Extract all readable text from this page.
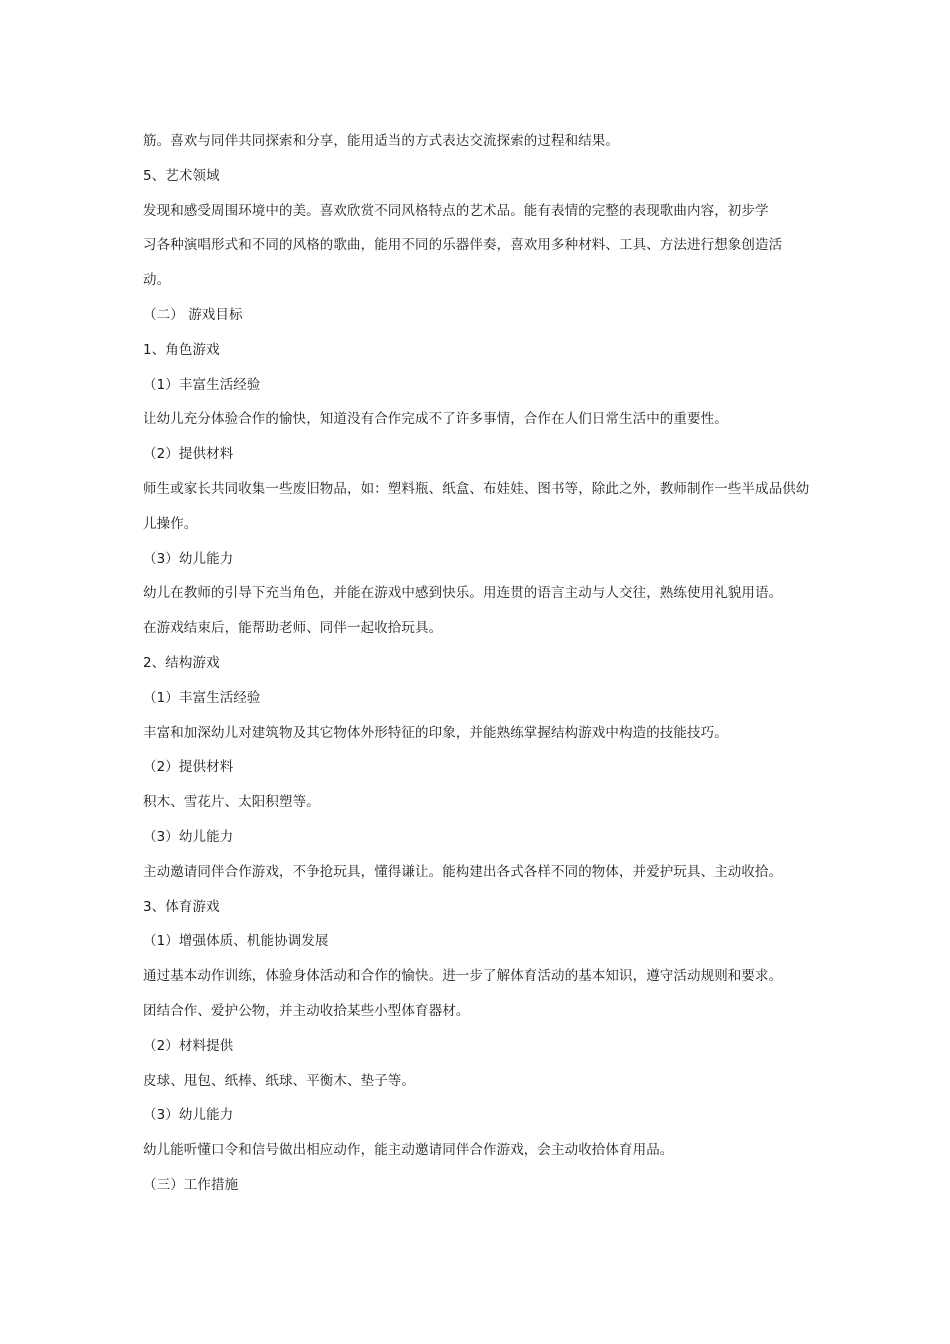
筋。喜欢与同伴共同探索和分享，能用适当的方式表达交流探索的过程和结果。
5、艺术领域
发现和感受周围环境中的美。喜欢欣赏不同风格特点的艺术品。能有表情的完整的表现歌曲内容，初步学
习各种演唱形式和不同的风格的歌曲，能用不同的乐器伴奏，喜欢用多种材料、工具、方法进行想象创造活
动。
（二） 游戏目标
1、角色游戏
（1）丰富生活经验
让幼儿充分体验合作的愉快，知道没有合作完成不了许多事情，合作在人们日常生活中的重要性。
（2）提供材料
师生或家长共同收集一些废旧物品，如：塑料瓶、纸盒、布娃娃、图书等，除此之外，教师制作一些半成品供幼
儿操作。
（3）幼儿能力
幼儿在教师的引导下充当角色，并能在游戏中感到快乐。用连贯的语言主动与人交往，熟练使用礼貌用语。
在游戏结束后，能帮助老师、同伴一起收拾玩具。
2、结构游戏
（1）丰富生活经验
丰富和加深幼儿对建筑物及其它物体外形特征的印象，并能熟练掌握结构游戏中构造的技能技巧。
（2）提供材料
积木、雪花片、太阳积塑等。
（3）幼儿能力
主动邀请同伴合作游戏，不争抢玩具，懂得谦让。能构建出各式各样不同的物体，并爱护玩具、主动收拾。
3、体育游戏
（1）增强体质、机能协调发展
通过基本动作训练，体验身体活动和合作的愉快。进一步了解体育活动的基本知识，遵守活动规则和要求。
团结合作、爱护公物，并主动收拾某些小型体育器材。
（2）材料提供
皮球、甩包、纸棒、纸球、平衡木、垫子等。
（3）幼儿能力
幼儿能听懂口令和信号做出相应动作，能主动邀请同伴合作游戏，会主动收拾体育用品。
（三）工作措施
